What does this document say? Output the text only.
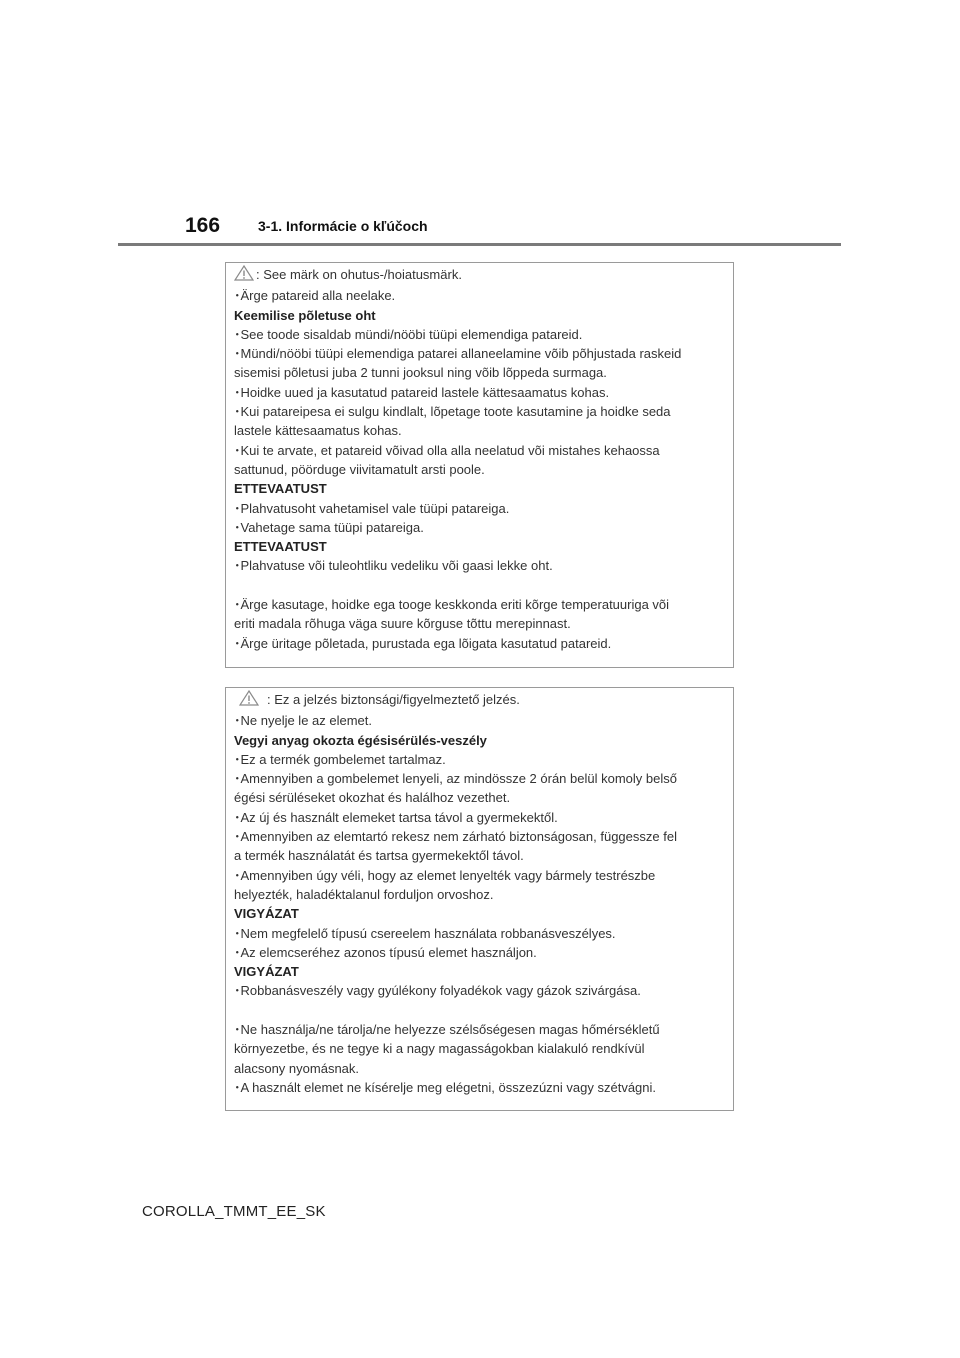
166	3-1. Informácie o kľúčoch
: See märk on ohutus-/hoiatusmärk.
･Ärge patareid alla neelake.
Keemilise põletuse oht
･See toode sisaldab mündi/nööbi tüüpi elemendiga patareid.
･Mündi/nööbi tüüpi elemendiga patarei allaneelamine võib põhjustada raskeid
sisemisi põletusi juba 2 tunni jooksul ning võib lõppeda surmaga.
･Hoidke uued ja kasutatud patareid lastele kättesaamatus kohas.
･Kui patareipesa ei sulgu kindlalt, lõpetage toote kasutamine ja hoidke seda
lastele kättesaamatus kohas.
･Kui te arvate, et patareid võivad olla alla neelatud või mistahes kehaossa
sattunud, pöörduge viivitamatult arsti poole.
ETTEVAATUST
･Plahvatusoht vahetamisel vale tüüpi patareiga.
･Vahetage sama tüüpi patareiga.
ETTEVAATUST
･Plahvatuse või tuleohtliku vedeliku või gaasi lekke oht.
･Ärge kasutage, hoidke ega tooge keskkonda eriti kõrge temperatuuriga või
eriti madala rõhuga väga suure kõrguse tõttu merepinnast.
･Ärge üritage põletada, purustada ega lõigata kasutatud patareid.
: Ez a jelzés biztonsági/figyelmeztető jelzés.
･Ne nyelje le az elemet.
Vegyi anyag okozta égésisérülés-veszély
･Ez a termék gombelemet tartalmaz.
･Amennyiben a gombelemet lenyeli, az mindössze 2 órán belül komoly belső
égési sérüléseket okozhat és halálhoz vezethet.
･Az új és használt elemeket tartsa távol a gyermekektől.
･Amennyiben az elemtartó rekesz nem zárható biztonságosan, függessze fel
a termék használatát és tartsa gyermekektől távol.
･Amennyiben úgy véli, hogy az elemet lenyelték vagy bármely testrészbe
helyezték, haladéktalanul forduljon orvoshoz.
VIGYÁZAT
･Nem megfelelő típusú csereelem használata robbanásveszélyes.
･Az elemcseréhez azonos típusú elemet használjon.
VIGYÁZAT
･Robbanásveszély vagy gyúlékony folyadékok vagy gázok szivárgása.
･Ne használja/ne tárolja/ne helyezze szélsőségesen magas hőmérsékletű
környezetbe, és ne tegye ki a nagy magasságokban kialakuló rendkívül
alacsony nyomásnak.
･A használt elemet ne kísérelje meg elégetni, összezúzni vagy szétvágni.
COROLLA_TMMT_EE_SK
